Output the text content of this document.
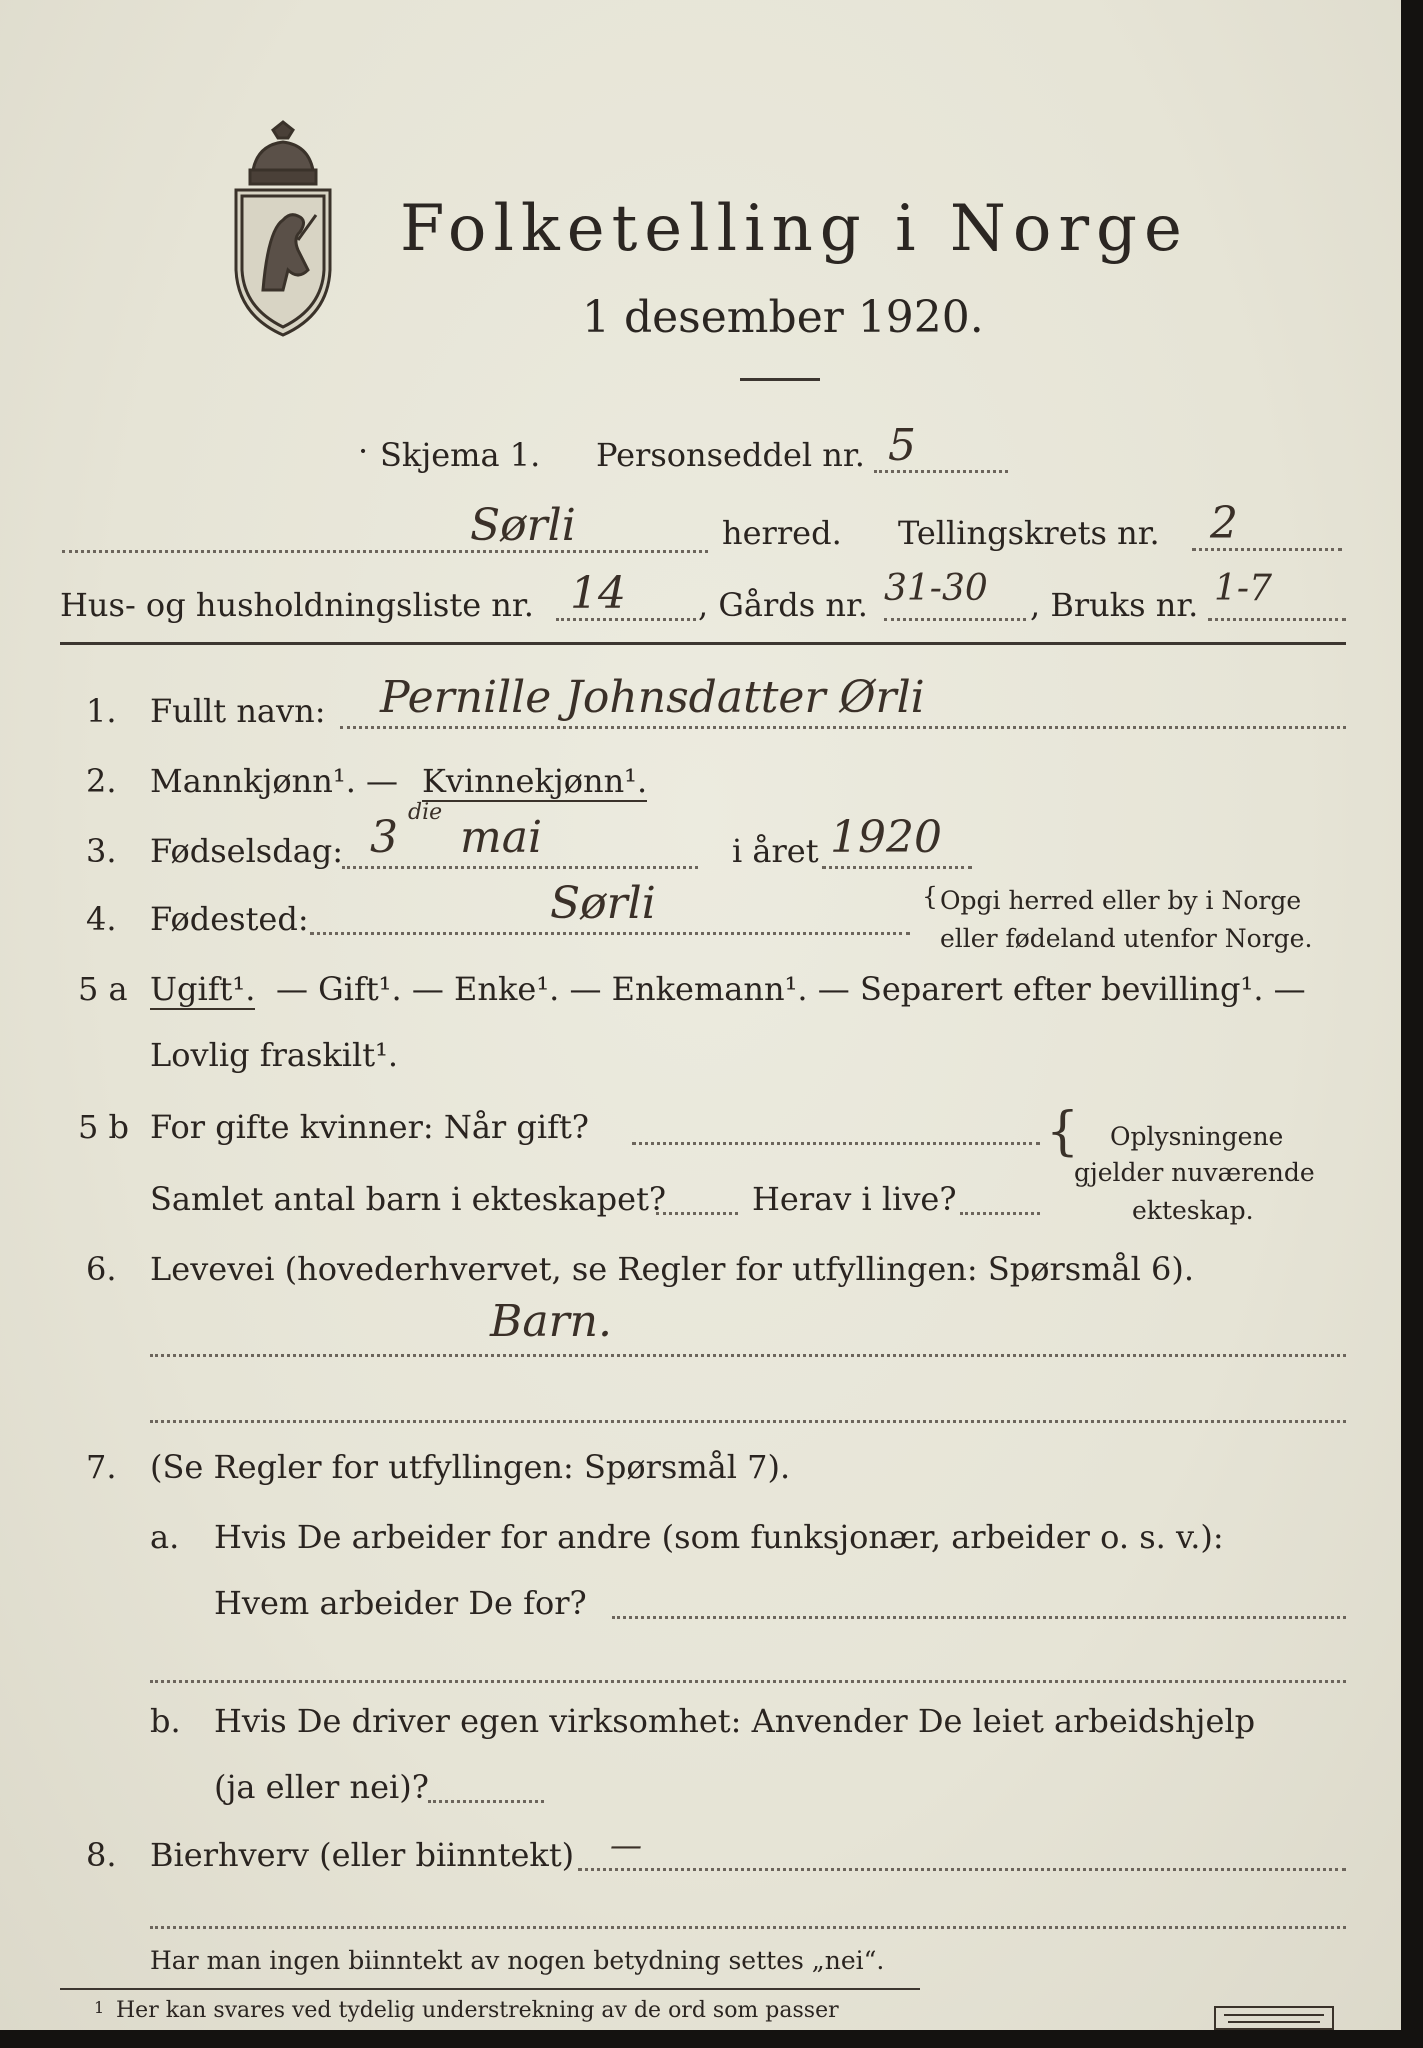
Folketelling i Norge
1 desember 1920.
· Skjema 1. Personseddel nr. 5
Sørli	herred. Tellingskrets nr. 2
Hus- og husholdningsliste nr. 14 , Gårds nr. 31-30 , Bruks nr. 1-7
1. Fullt navn: Pernille Johnsdatter Ørli
2. Mannkjønn¹. — Kvinnekjønn¹.
3. Fødselsdag: 3 die mai	i året 1920
4. Fødested:	Sørli	{ Opgi herred eller by i Norge
eller fødeland utenfor Norge.
5 a Ugift¹. — Gift¹. — Enke¹. — Enkemann¹. — Separert efter bevilling¹. —
Lovlig fraskilt¹.
5 b For gifte kvinner: Når gift?
Samlet antal barn i ekteskapet?	Herav i live?
{ Oplysningene
gjelder nuværende
ekteskap.
6. Levevei (hovederhvervet, se Regler for utfyllingen: Spørsmål 6).
Barn.
7. (Se Regler for utfyllingen: Spørsmål 7).
a. Hvis De arbeider for andre (som funksjonær, arbeider o. s. v.):
Hvem arbeider De for?
b. Hvis De driver egen virksomhet: Anvender De leiet arbeidshjelp
(ja eller nei)?
8. Bierhverv (eller biinntekt) —
Har man ingen biinntekt av nogen betydning settes „nei“.
1 Her kan svares ved tydelig understrekning av de ord som passer
